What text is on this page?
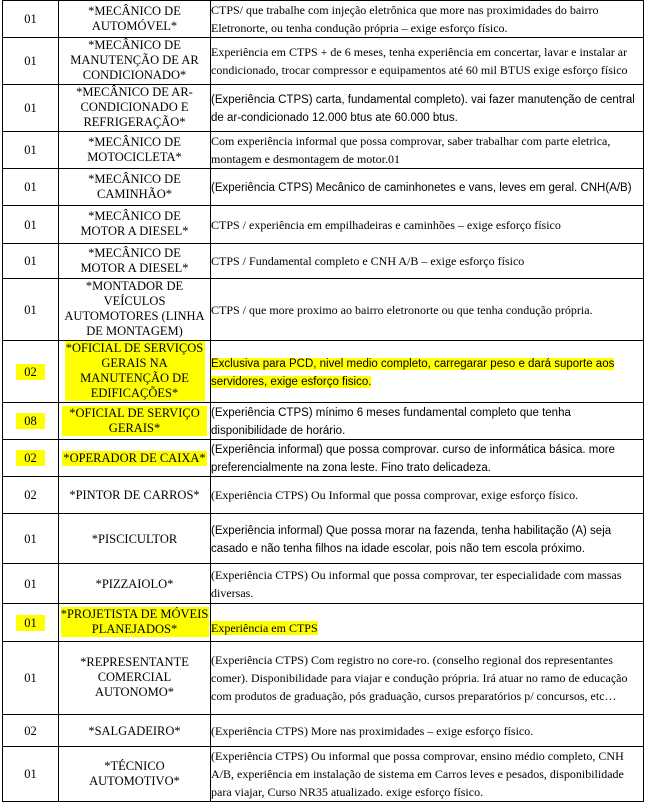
01	*MECÂNICO DE AUTOMÓVEL*	CTPS/ que trabalhe com injeção eletrônica que more nas proximidades do bairro Eletronorte, ou tenha condução própria – exige esforço físico.
01	*MECÂNICO DE MANUTENÇÃO DE AR CONDICIONADO*	Experiência em CTPS + de 6 meses, tenha experiência em concertar, lavar e instalar ar condicionado, trocar compressor e equipamentos até 60 mil BTUS exige esforço físico
01	*MECÂNICO DE AR-CONDICIONADO E REFRIGERAÇÃO*	(Experiência CTPS) carta, fundamental completo). vai fazer manutenção de central de ar-condicionado 12.000 btus ate 60.000 btus.
01	*MECÂNICO DE MOTOCICLETA*	Com experiência informal que possa comprovar, saber trabalhar com parte eletrica, montagem e desmontagem de motor.01
01	*MECÂNICO DE CAMINHÃO*	(Experiência CTPS) Mecânico de caminhonetes e vans, leves em geral. CNH(A/B)
01	*MECÂNICO DE MOTOR A DIESEL*	CTPS / experiência em empilhadeiras e caminhões – exige esforço físico
01	*MECÂNICO DE MOTOR A DIESEL*	CTPS / Fundamental completo e CNH A/B – exige esforço físico
01	*MONTADOR DE VEÍCULOS AUTOMOTORES (LINHA DE MONTAGEM)	CTPS / que more proximo ao bairro eletronorte ou que tenha condução própria.
02	*OFICIAL DE SERVIÇOS GERAIS NA MANUTENÇÃO DE EDIFICAÇÕES*	Exclusiva para PCD, nivel medio completo, carregarar peso e dará suporte aos servidores, exige esforço fisico.
08	*OFICIAL DE SERVIÇO GERAIS*	(Experiência CTPS) mínimo 6 meses fundamental completo que tenha disponibilidade de horário.
02	*OPERADOR DE CAIXA*	(Experiência informal) que possa comprovar. curso de informática básica. more preferencialmente na zona leste. Fino trato delicadeza.
02	*PINTOR DE CARROS*	(Experiência CTPS) Ou Informal que possa comprovar, exige esforço físico.
01	*PISCICULTOR	(Experiência informal) Que possa morar na fazenda, tenha habilitação (A) seja casado e não tenha filhos na idade escolar, pois não tem escola próximo.
01	*PIZZAIOLO*	(Experiência CTPS) Ou informal que possa comprovar, ter especialidade com massas diversas.
01	*PROJETISTA DE MÓVEIS PLANEJADOS*	Experiência em CTPS
01	*REPRESENTANTE COMERCIAL AUTONOMO*	(Experiência CTPS) Com registro no core-ro. (conselho regional dos representantes comer). Disponibilidade para viajar e condução própria. Irá atuar no ramo de educação com produtos de graduação, pós graduação, cursos preparatórios p/ concursos, etc…
02	*SALGADEIRO*	(Experiência CTPS) More nas proximidades – exige esforço físico.
01	*TÉCNICO AUTOMOTIVO*	(Experiência CTPS) Ou informal que possa comprovar, ensino médio completo, CNH A/B, experiência em instalação de sistema em Carros leves e pesados, disponibilidade para viajar, Curso NR35 atualizado. exige esforço físico.
